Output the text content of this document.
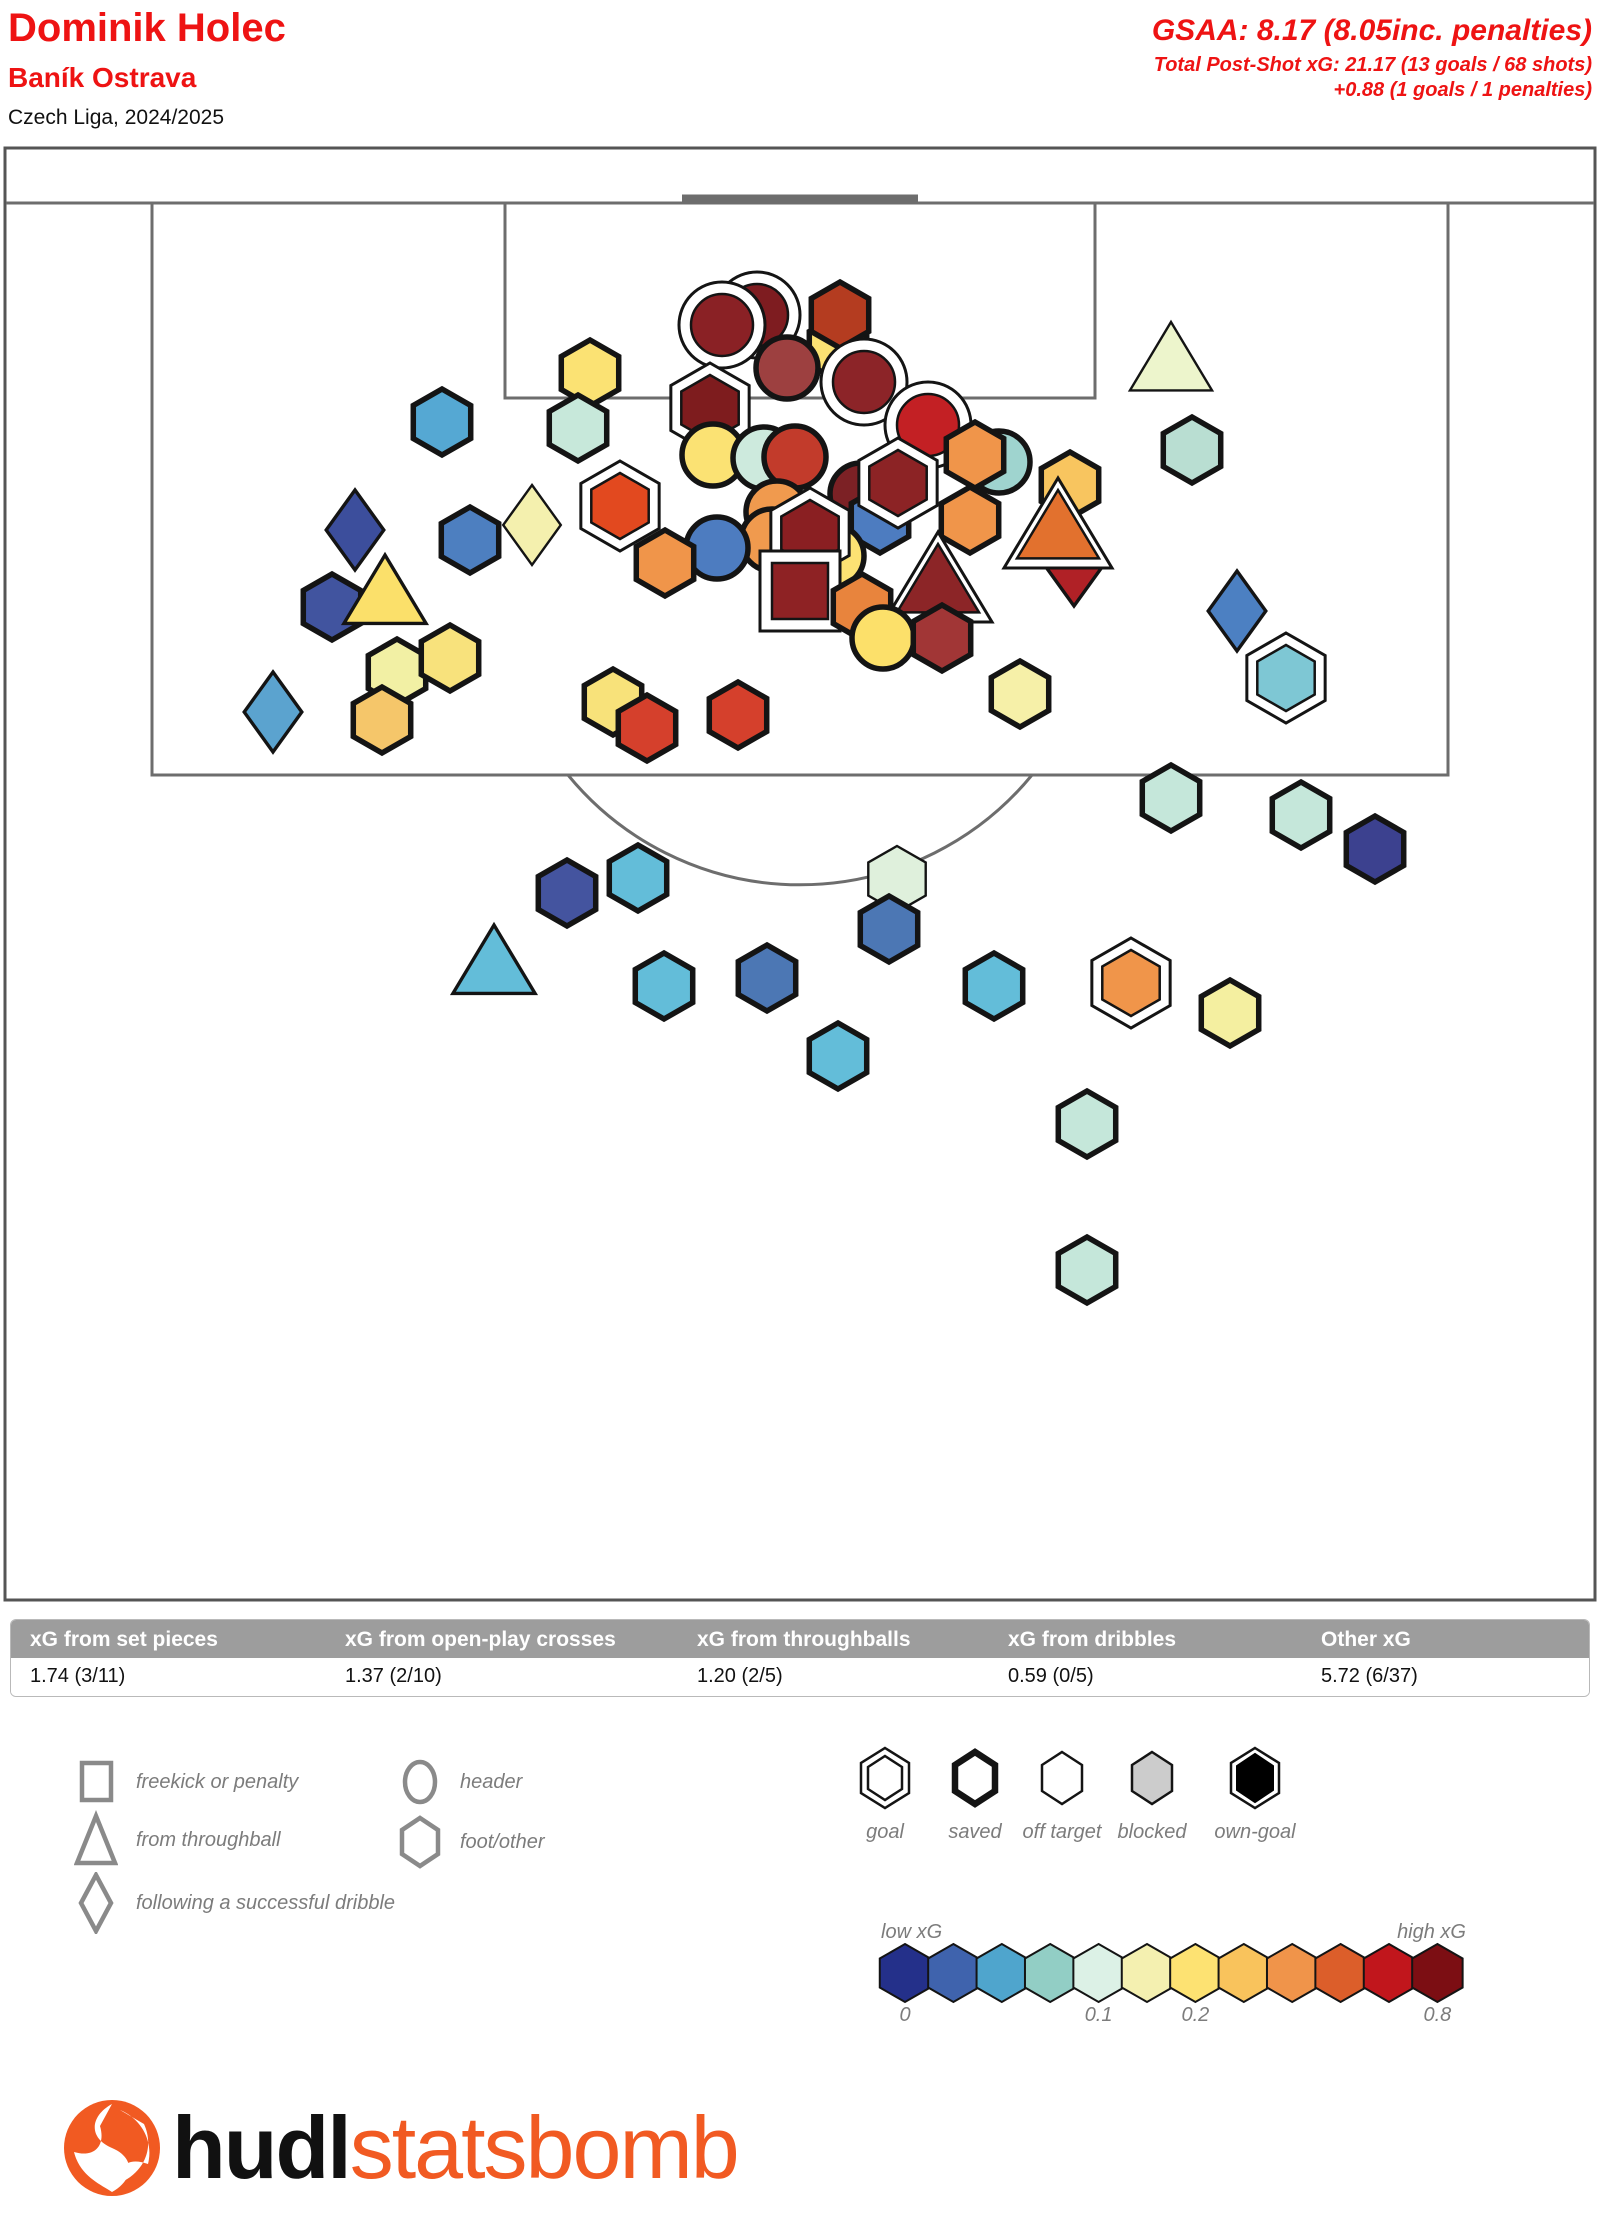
Dominik Holec
Baník Ostrava
Czech Liga, 2024/2025
GSAA: 8.17 (8.05inc. penalties)
Total Post-Shot xG: 21.17 (13 goals / 68 shots)
+0.88 (1 goals / 1 penalties)
xG from set pieces	xG from open-play crosses	xG from throughballs	xG from dribbles	Other xG
1.74 (3/11)	1.37 (2/10)	1.20 (2/5)	0.59 (0/5)	5.72 (6/37)
freekick or penalty
from throughball
following a successful dribble
header
foot/other	goal	saved	off target blocked	own-goal
low xG	high xG
0	0.1	0.2	0.8
hudlstatsbomb
